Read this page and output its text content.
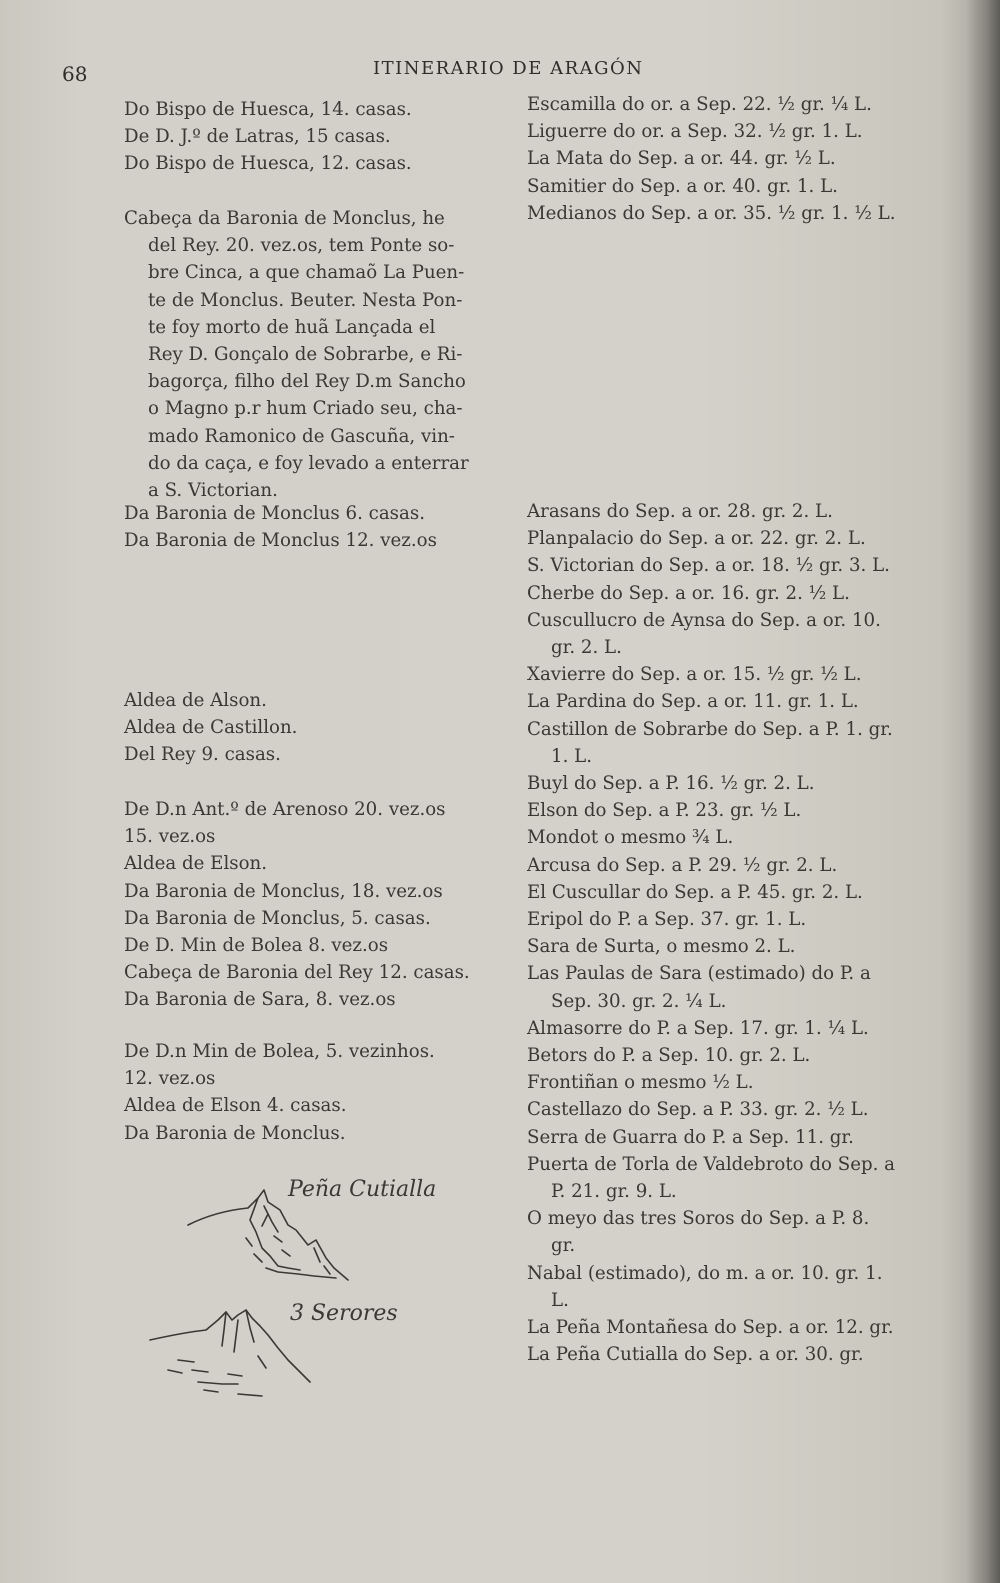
68	ITINERARIO DE ARAGÓN

Do Bispo de Huesca, 14. casas.

De D. J.º de Latras, 15 casas.

Do Bispo de Huesca, 12. casas.

Cabeça da Baronia de Monclus, he

del Rey. 20. vez.os, tem Ponte so-

bre Cinca, a que chamaõ La Puen-

te de Monclus. Beuter. Nesta Pon-

te foy morto de huã Lançada el

Rey D. Gonçalo de Sobrarbe, e Ri-

bagorça, filho del Rey D.m Sancho

o Magno p.r hum Criado seu, cha-

mado Ramonico de Gascuña, vin-

do da caça, e foy levado a enterrar

a S. Victorian.

Da Baronia de Monclus 6. casas.

Da Baronia de Monclus 12. vez.os

Aldea de Alson.

Aldea de Castillon.

Del Rey 9. casas.

De D.n Ant.º de Arenoso 20. vez.os

15. vez.os

Aldea de Elson.

Da Baronia de Monclus, 18. vez.os

Da Baronia de Monclus, 5. casas.

De D. Min de Bolea 8. vez.os

Cabeça de Baronia del Rey 12. casas.

Da Baronia de Sara, 8. vez.os

De D.n Min de Bolea, 5. vezinhos.

12. vez.os

Aldea de Elson 4. casas.

Da Baronia de Monclus.

Peña Cutialla
3 Serores

Escamilla do or. a Sep. 22. ½ gr. ¼ L.

Liguerre do or. a Sep. 32. ½ gr. 1. L.

La Mata do Sep. a or. 44. gr. ½ L.

Samitier do Sep. a or. 40. gr. 1. L.

Medianos do Sep. a or. 35. ½ gr. 1. ½ L.

Arasans do Sep. a or. 28. gr. 2. L.

Planpalacio do Sep. a or. 22. gr. 2. L.

S. Victorian do Sep. a or. 18. ½ gr. 3. L.

Cherbe do Sep. a or. 16. gr. 2. ½ L.

Cuscullucro de Aynsa do Sep. a or. 10. gr. 2. L.

Xavierre do Sep. a or. 15. ½ gr. ½ L.

La Pardina do Sep. a or. 11. gr. 1. L.

Castillon de Sobrarbe do Sep. a P. 1. gr. 1. L.

Buyl do Sep. a P. 16. ½ gr. 2. L.

Elson do Sep. a P. 23. gr. ½ L.

Mondot o mesmo ¾ L.

Arcusa do Sep. a P. 29. ½ gr. 2. L.

El Cuscullar do Sep. a P. 45. gr. 2. L.

Eripol do P. a Sep. 37. gr. 1. L.

Sara de Surta, o mesmo 2. L.

Las Paulas de Sara (estimado) do P. a Sep. 30. gr. 2. ¼ L.

Almasorre do P. a Sep. 17. gr. 1. ¼ L.

Betors do P. a Sep. 10. gr. 2. L.

Frontiñan o mesmo ½ L.

Castellazo do Sep. a P. 33. gr. 2. ½ L.

Serra de Guarra do P. a Sep. 11. gr.

Puerta de Torla de Valdebroto do Sep. a P. 21. gr. 9. L.

O meyo das tres Soros do Sep. a P. 8. gr.

Nabal (estimado), do m. a or. 10. gr. 1. L.

La Peña Montañesa do Sep. a or. 12. gr.

La Peña Cutialla do Sep. a or. 30. gr.
